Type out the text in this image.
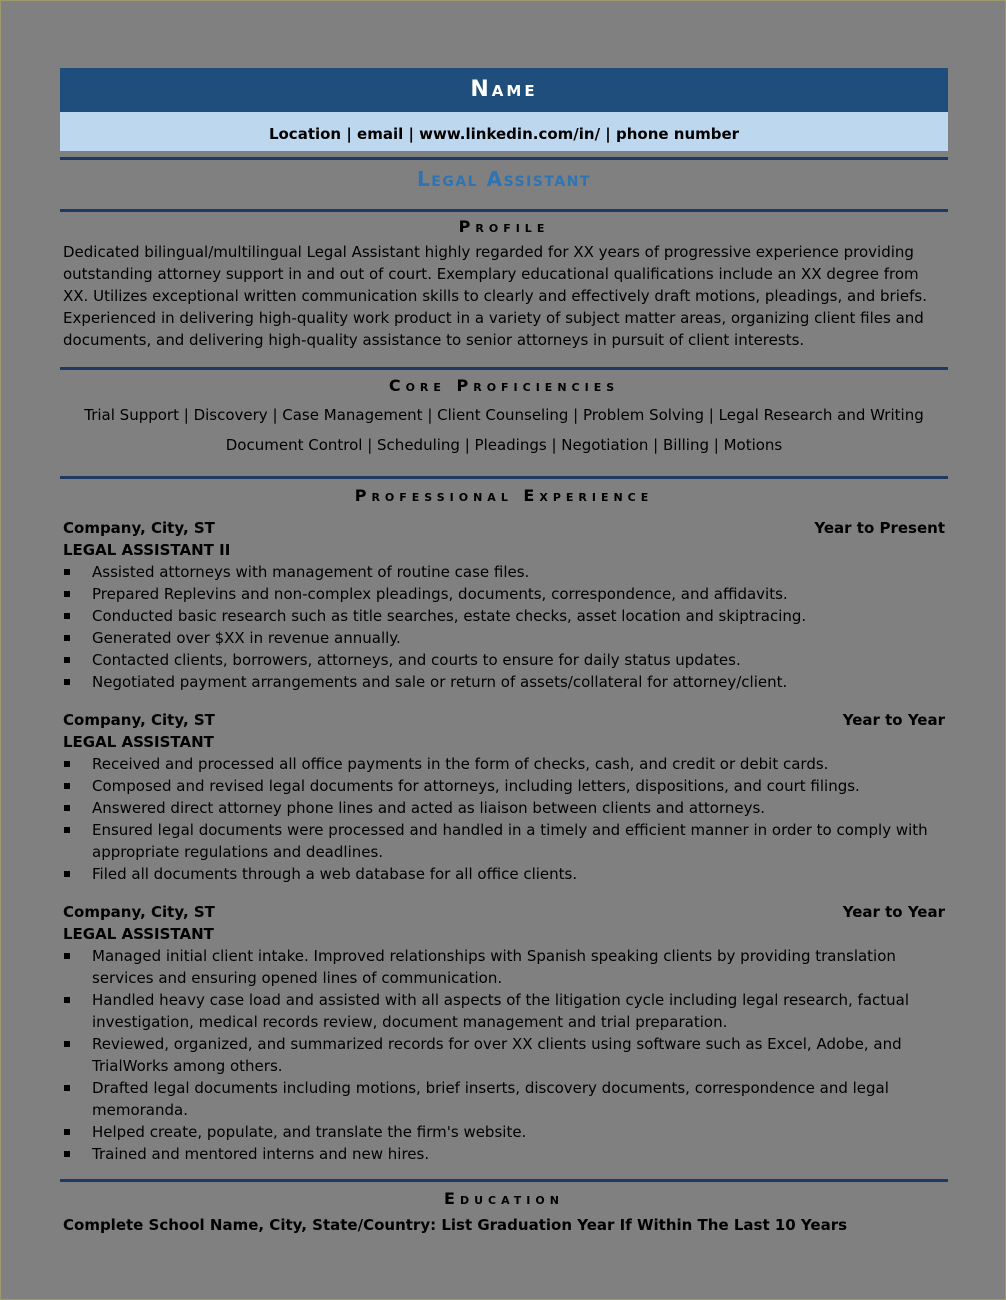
Name
Location | email | www.linkedin.com/in/ | phone number
Legal Assistant
Profile
Dedicated bilingual/multilingual Legal Assistant highly regarded for XX years of progressive experience providing outstanding attorney support in and out of court. Exemplary educational qualifications include an XX degree from XX. Utilizes exceptional written communication skills to clearly and effectively draft motions, pleadings, and briefs. Experienced in delivering high-quality work product in a variety of subject matter areas, organizing client files and documents, and delivering high-quality assistance to senior attorneys in pursuit of client interests.
Core Proficiencies
Trial Support | Discovery | Case Management | Client Counseling | Problem Solving | Legal Research and Writing
Document Control | Scheduling | Pleadings | Negotiation | Billing | Motions
Professional Experience
Company, City, ST	Year to Present
LEGAL ASSISTANT II
Assisted attorneys with management of routine case files.
Prepared Replevins and non-complex pleadings, documents, correspondence, and affidavits.
Conducted basic research such as title searches, estate checks, asset location and skiptracing.
Generated over $XX in revenue annually.
Contacted clients, borrowers, attorneys, and courts to ensure for daily status updates.
Negotiated payment arrangements and sale or return of assets/collateral for attorney/client.
Company, City, ST	Year to Year
LEGAL ASSISTANT
Received and processed all office payments in the form of checks, cash, and credit or debit cards.
Composed and revised legal documents for attorneys, including letters, dispositions, and court filings.
Answered direct attorney phone lines and acted as liaison between clients and attorneys.
Ensured legal documents were processed and handled in a timely and efficient manner in order to comply with appropriate regulations and deadlines.
Filed all documents through a web database for all office clients.
Company, City, ST	Year to Year
LEGAL ASSISTANT
Managed initial client intake. Improved relationships with Spanish speaking clients by providing translation services and ensuring opened lines of communication.
Handled heavy case load and assisted with all aspects of the litigation cycle including legal research, factual investigation, medical records review, document management and trial preparation.
Reviewed, organized, and summarized records for over XX clients using software such as Excel, Adobe, and TrialWorks among others.
Drafted legal documents including motions, brief inserts, discovery documents, correspondence and legal memoranda.
Helped create, populate, and translate the firm's website.
Trained and mentored interns and new hires.
Education
Complete School Name, City, State/Country: List Graduation Year If Within The Last 10 Years
